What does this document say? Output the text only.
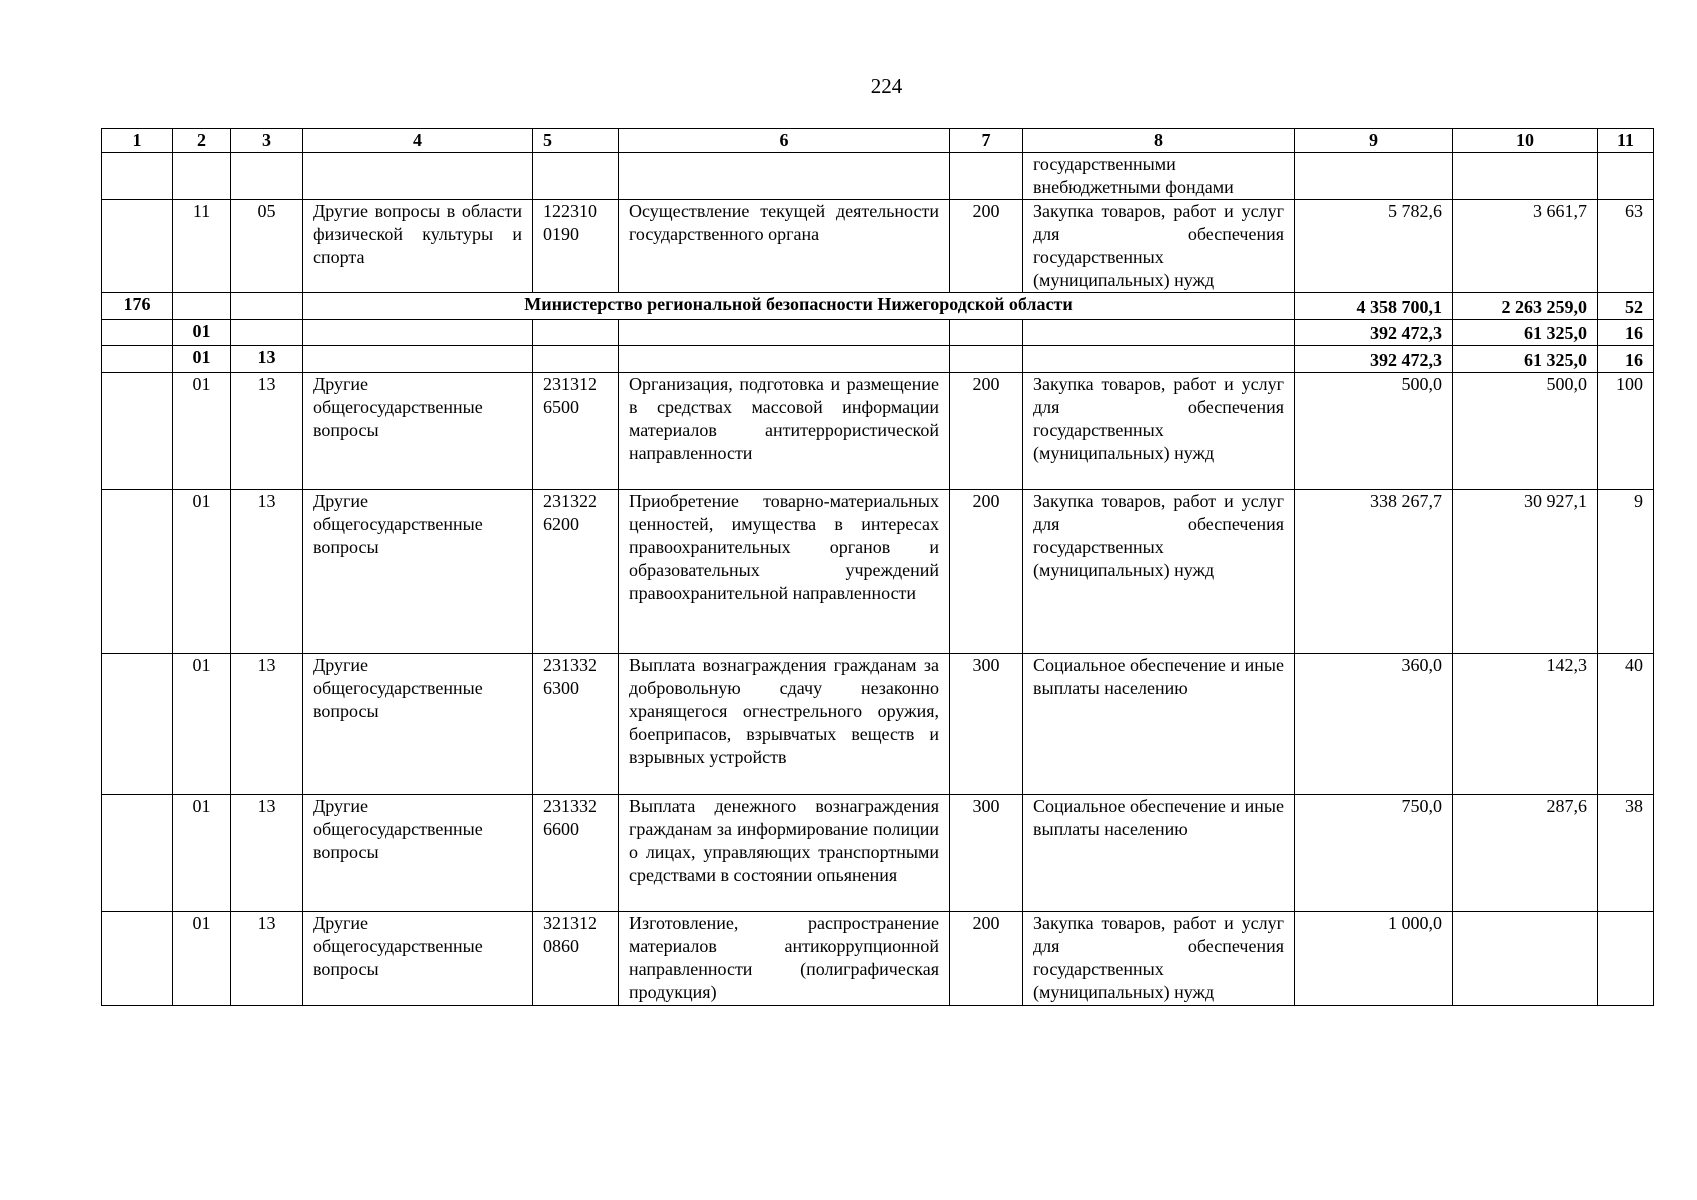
224
1	2	3	4	5	6	7	8	9	10	11
							государственными внебюджетными фондами			
	11	05	Другие вопросы в области физической культуры и спорта	122310 0190	Осуществление текущей деятельности государственного органа	200	Закупка товаров, работ и услуг для обеспечения государственных (муниципальных) нужд	5 782,6	3 661,7	63
176			Министерство региональной безопасности Нижегородской области					4 358 700,1	2 263 259,0	52
	01							392 472,3	61 325,0	16
	01	13						392 472,3	61 325,0	16
	01	13	Другие общегосударственные вопросы	231312 6500	Организация, подготовка и размещение в средствах массовой информации материалов антитеррористической направленности	200	Закупка товаров, работ и услуг для обеспечения государственных (муниципальных) нужд	500,0	500,0	100
	01	13	Другие общегосударственные вопросы	231322 6200	Приобретение товарно-материальных ценностей, имущества в интересах правоохранительных органов и образовательных учреждений правоохранительной направленности	200	Закупка товаров, работ и услуг для обеспечения государственных (муниципальных) нужд	338 267,7	30 927,1	9
	01	13	Другие общегосударственные вопросы	231332 6300	Выплата вознаграждения гражданам за добровольную сдачу незаконно хранящегося огнестрельного оружия, боеприпасов, взрывчатых веществ и взрывных устройств	300	Социальное обеспечение и иные выплаты населению	360,0	142,3	40
	01	13	Другие общегосударственные вопросы	231332 6600	Выплата денежного вознаграждения гражданам за информирование полиции о лицах, управляющих транспортными средствами в состоянии опьянения	300	Социальное обеспечение и иные выплаты населению	750,0	287,6	38
	01	13	Другие общегосударственные вопросы	321312 0860	Изготовление, распространение материалов антикоррупционной направленности (полиграфическая продукция)	200	Закупка товаров, работ и услуг для обеспечения государственных (муниципальных) нужд	1 000,0		
